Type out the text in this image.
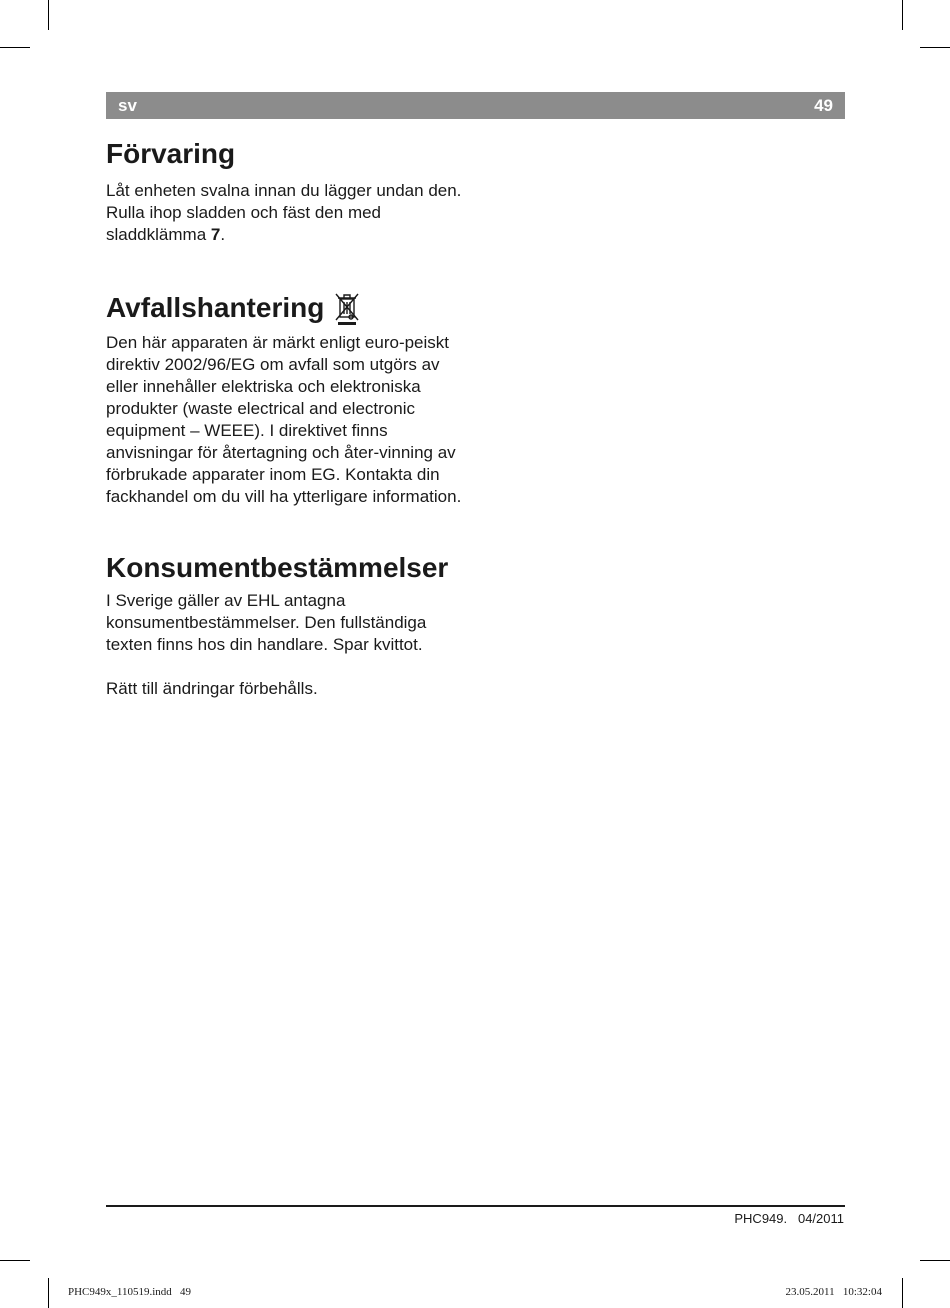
sv	49
Förvaring

Låt enheten svalna innan du lägger undan den.

Rulla ihop sladden och fäst den med sladdklämma 7.

Avfallshantering

Den här apparaten är märkt enligt euro-peiskt direktiv 2002/96/EG om avfall som utgörs av eller innehåller elektriska och elektroniska produkter (waste electrical and electronic equipment – WEEE). I direktivet finns anvisningar för återtagning och åter-vinning av förbrukade apparater inom EG. Kontakta din fackhandel om du vill ha ytterligare information.

Konsumentbestämmelser

I Sverige gäller av EHL antagna konsumentbestämmelser. Den fullständiga texten finns hos din handlare. Spar kvittot.

Rätt till ändringar förbehålls.

PHC949.   04/2011
PHC949x_110519.indd   49	23.05.2011   10:32:04
